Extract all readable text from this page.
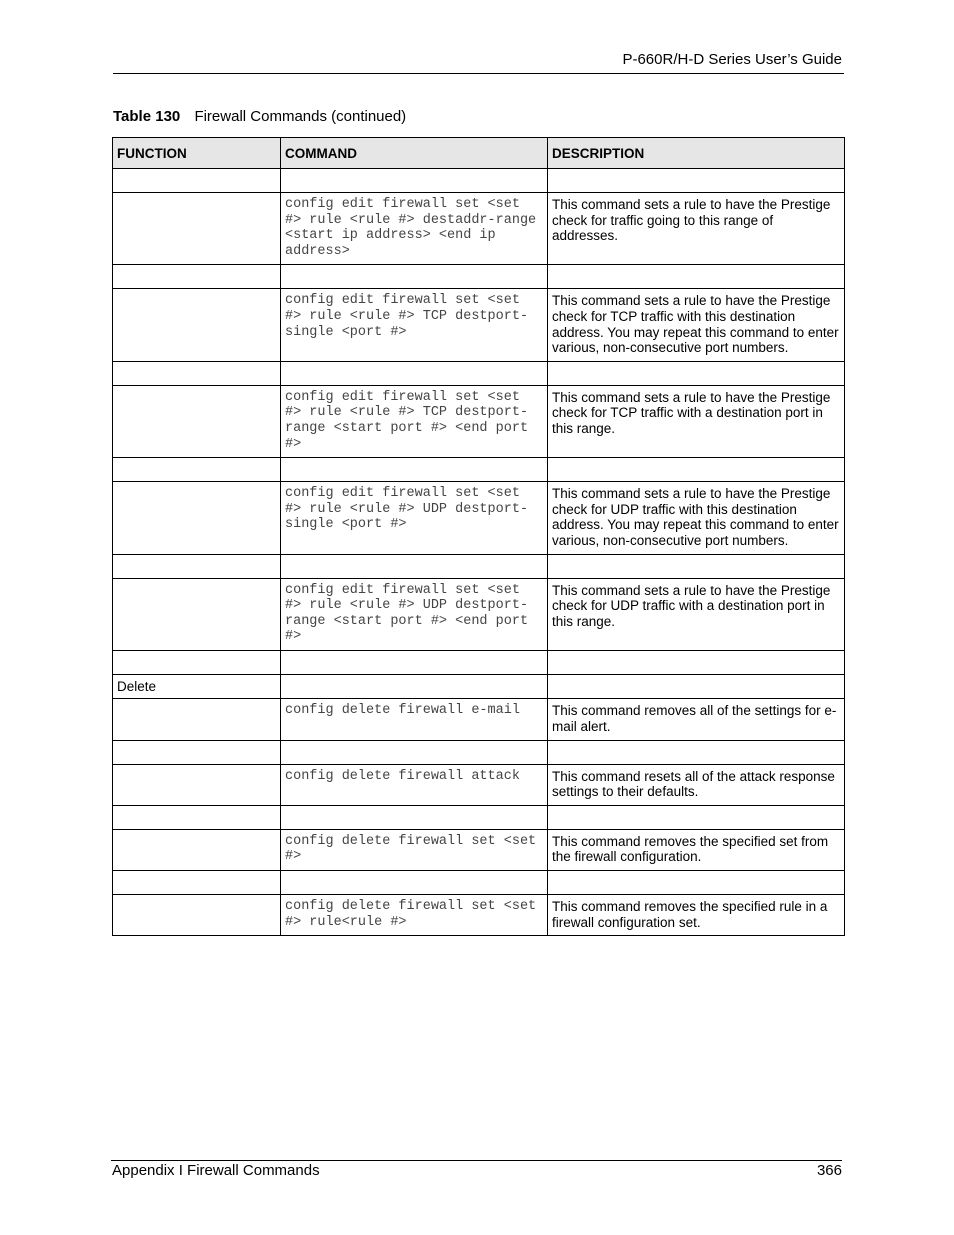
P-660R/H-D Series User’s Guide
Table 130 Firewall Commands (continued)
FUNCTION	COMMAND	DESCRIPTION

	config edit firewall set <set #> rule <rule #> destaddr-range <start ip address> <end ip address>	This command sets a rule to have the Prestige check for traffic going to this range of addresses.

	config edit firewall set <set #> rule <rule #> TCP destport-single <port #>	This command sets a rule to have the Prestige check for TCP traffic with this destination address. You may repeat this command to enter various, non-consecutive port numbers.

	config edit firewall set <set #> rule <rule #> TCP destport-range <start port #> <end port #>	This command sets a rule to have the Prestige check for TCP traffic with a destination port in this range.

	config edit firewall set <set #> rule <rule #> UDP destport-single <port #>	This command sets a rule to have the Prestige check for UDP traffic with this destination address. You may repeat this command to enter various, non-consecutive port numbers.

	config edit firewall set <set #> rule <rule #> UDP destport-range <start port #> <end port #>	This command sets a rule to have the Prestige check for UDP traffic with a destination port in this range.

Delete		
	config delete firewall e-mail	This command removes all of the settings for e-mail alert.

	config delete firewall attack	This command resets all of the attack response settings to their defaults.

	config delete firewall set <set #>	This command removes the specified set from the firewall configuration.

	config delete firewall set <set #> rule<rule #>	This command removes the specified rule in a firewall configuration set.
Appendix I Firewall Commands	366
